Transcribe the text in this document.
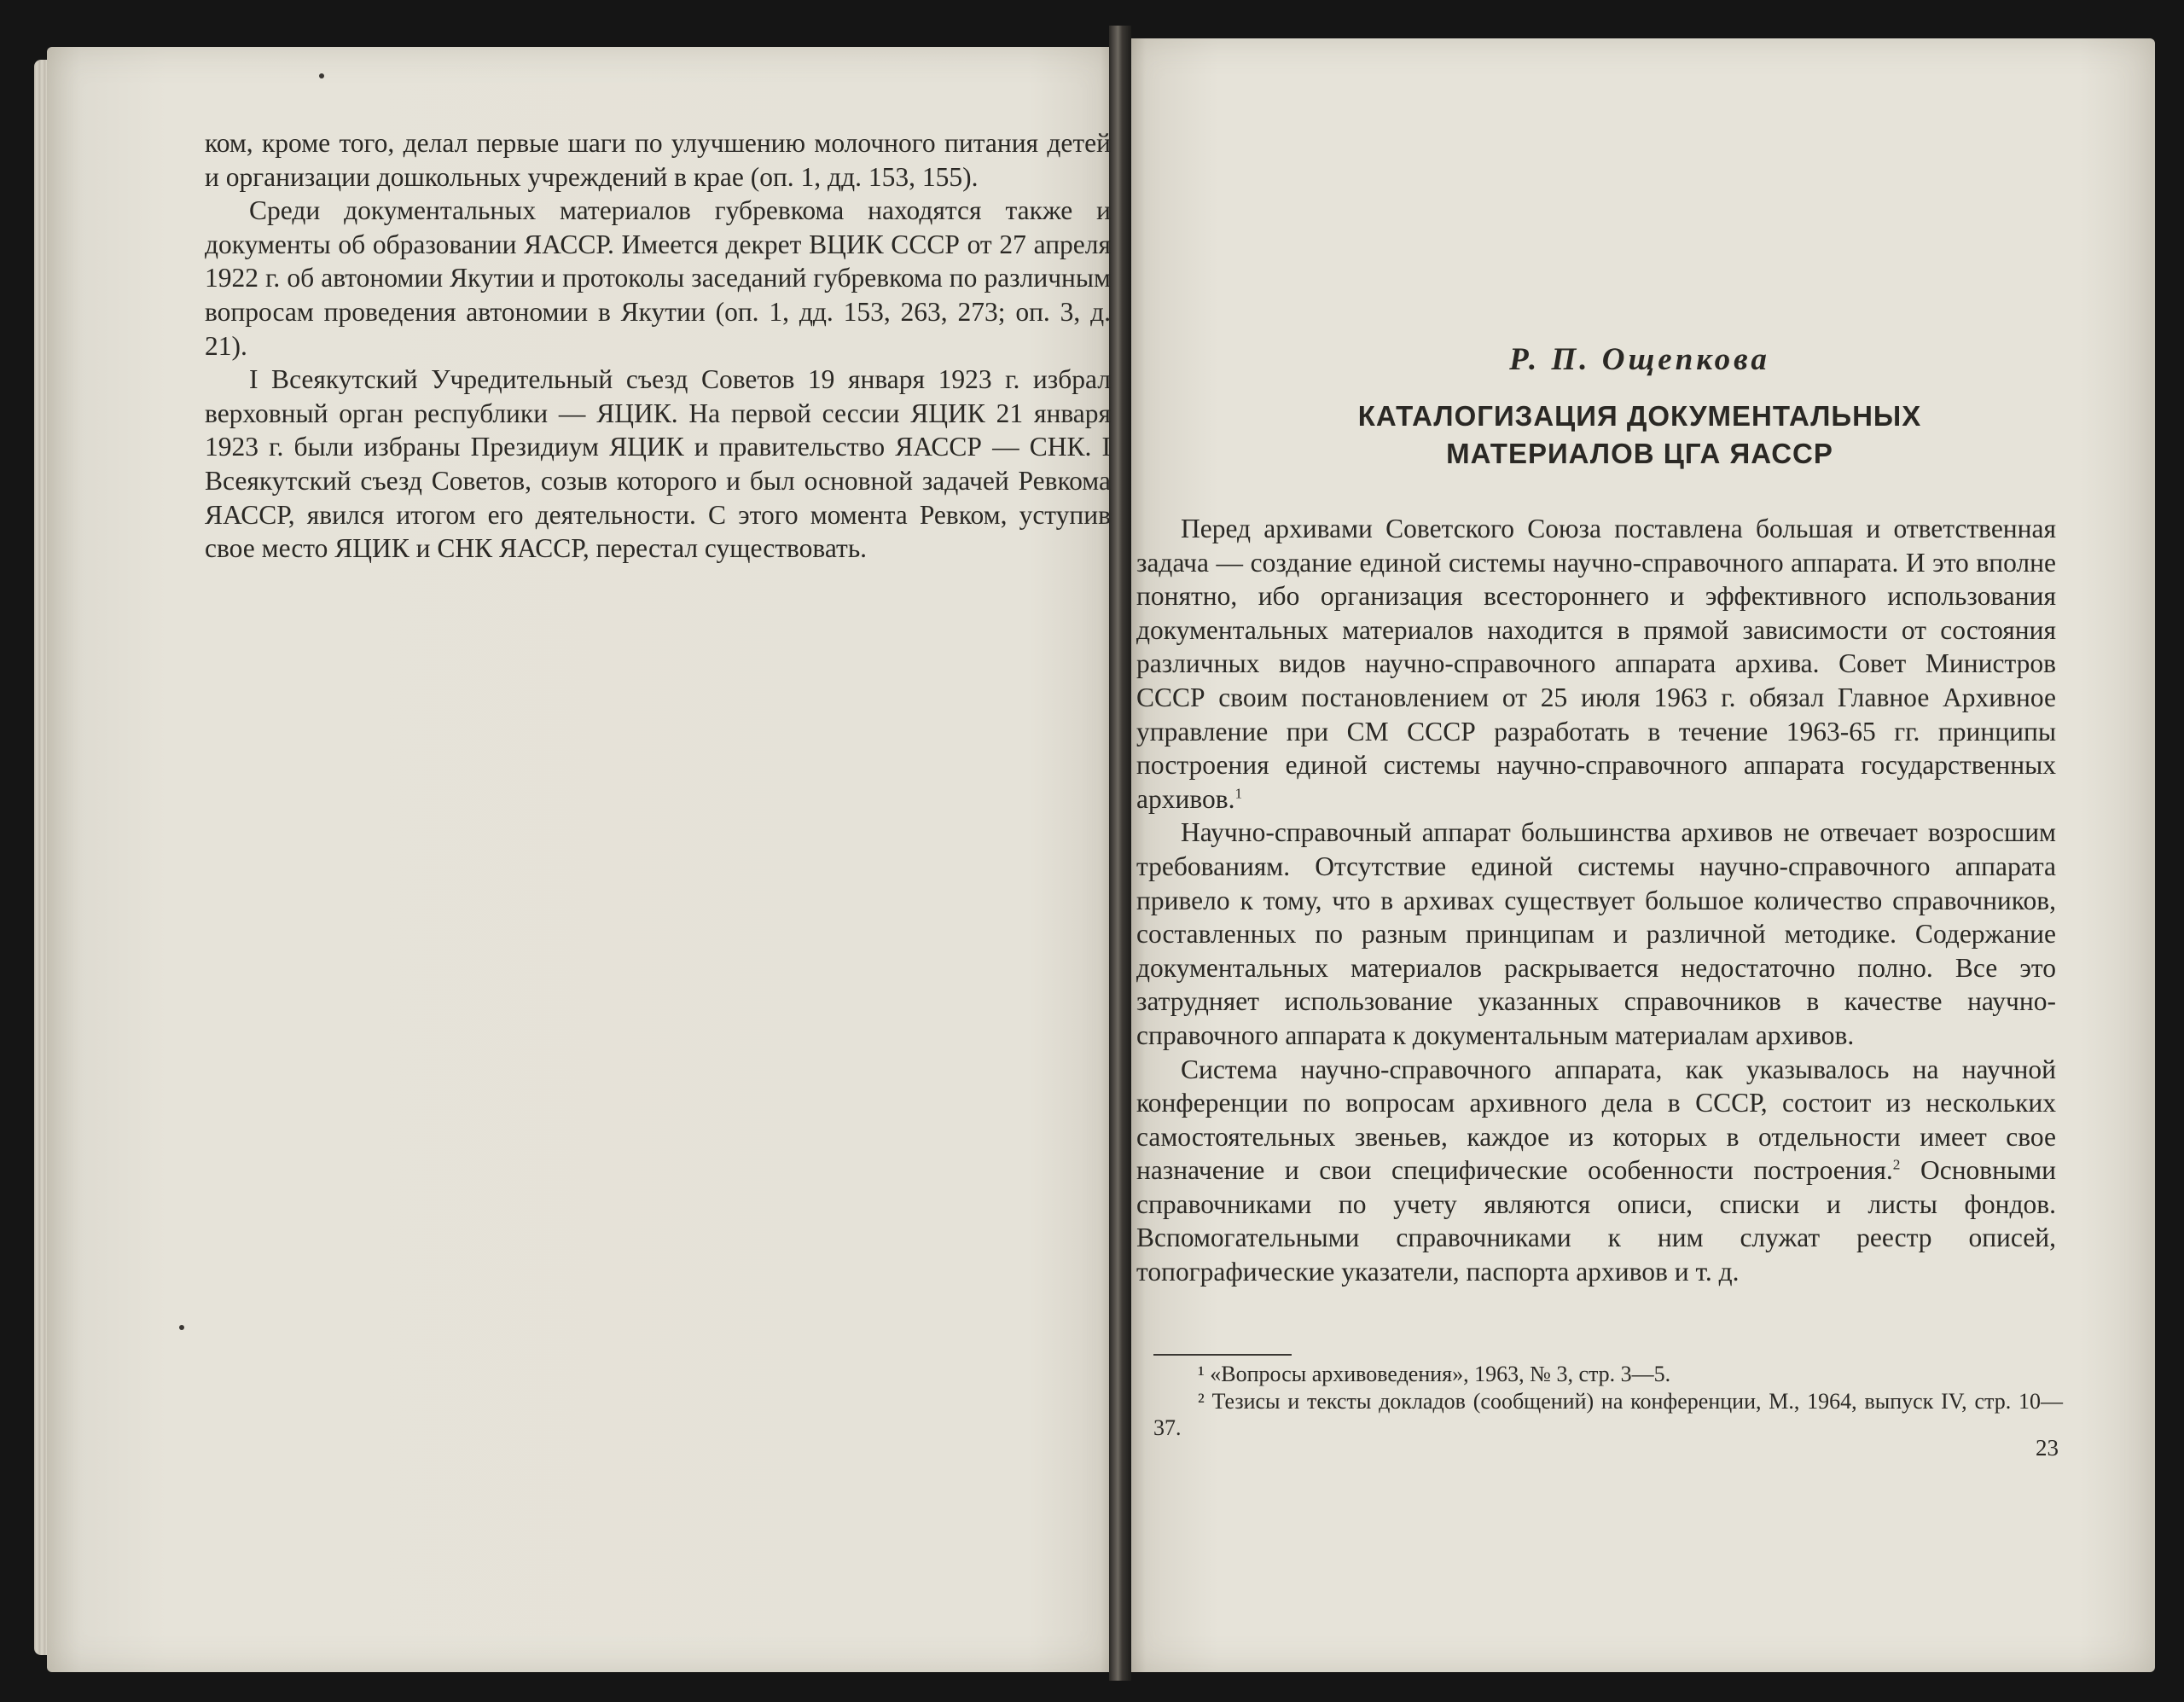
ком, кроме того, делал первые шаги по улучшению молочного питания детей и организации дошкольных учреждений в крае (оп. 1, дд. 153, 155).

Среди документальных материалов губревкома находятся также и документы об образовании ЯАССР. Имеется декрет ВЦИК СССР от 27 апреля 1922 г. об автономии Якутии и протоколы заседаний губревкома по различным вопросам проведения автономии в Якутии (оп. 1, дд. 153, 263, 273; оп. 3, д. 21).

I Всеякутский Учредительный съезд Советов 19 января 1923 г. избрал верховный орган республики — ЯЦИК. На первой сессии ЯЦИК 21 января 1923 г. были избраны Президиум ЯЦИК и правительство ЯАССР — СНК. I Всеякутский съезд Советов, созыв которого и был основной задачей Ревкома ЯАССР, явился итогом его деятельности. С этого момента Ревком, уступив свое место ЯЦИК и СНК ЯАССР, перестал существовать.

Р. П. Ощепкова
КАТАЛОГИЗАЦИЯ ДОКУМЕНТАЛЬНЫХ
МАТЕРИАЛОВ ЦГА ЯАССР

Перед архивами Советского Союза поставлена большая и ответственная задача — создание единой системы научно-справочного аппарата. И это вполне понятно, ибо организация всестороннего и эффективного использования документальных материалов находится в прямой зависимости от состояния различных видов научно-справочного аппарата архива. Совет Министров СССР своим постановлением от 25 июля 1963 г. обязал Главное Архивное управление при СМ СССР разработать в течение 1963-65 гг. принципы построения единой системы научно-справочного аппарата государственных архивов.$^1$

Научно-справочный аппарат большинства архивов не отвечает возросшим требованиям. Отсутствие единой системы научно-справочного аппарата привело к тому, что в архивах существует большое количество справочников, составленных по разным принципам и различной методике. Содержание документальных материалов раскрывается недостаточно полно. Все это затрудняет использование указанных справочников в качестве научно-справочного аппарата к документальным материалам архивов.

Система научно-справочного аппарата, как указывалось на научной конференции по вопросам архивного дела в СССР, состоит из нескольких самостоятельных звеньев, каждое из которых в отдельности имеет свое назначение и свои специфические особенности построения.$^2$ Основными справочниками по учету являются описи, списки и листы фондов. Вспомогательными справочниками к ним служат реестр описей, топографические указатели, паспорта архивов и т. д.

¹ «Вопросы архивоведения», 1963, № 3, стр. 3—5.

² Тезисы и тексты докладов (сообщений) на конференции, М., 1964, выпуск IV, стр. 10—37.

23
